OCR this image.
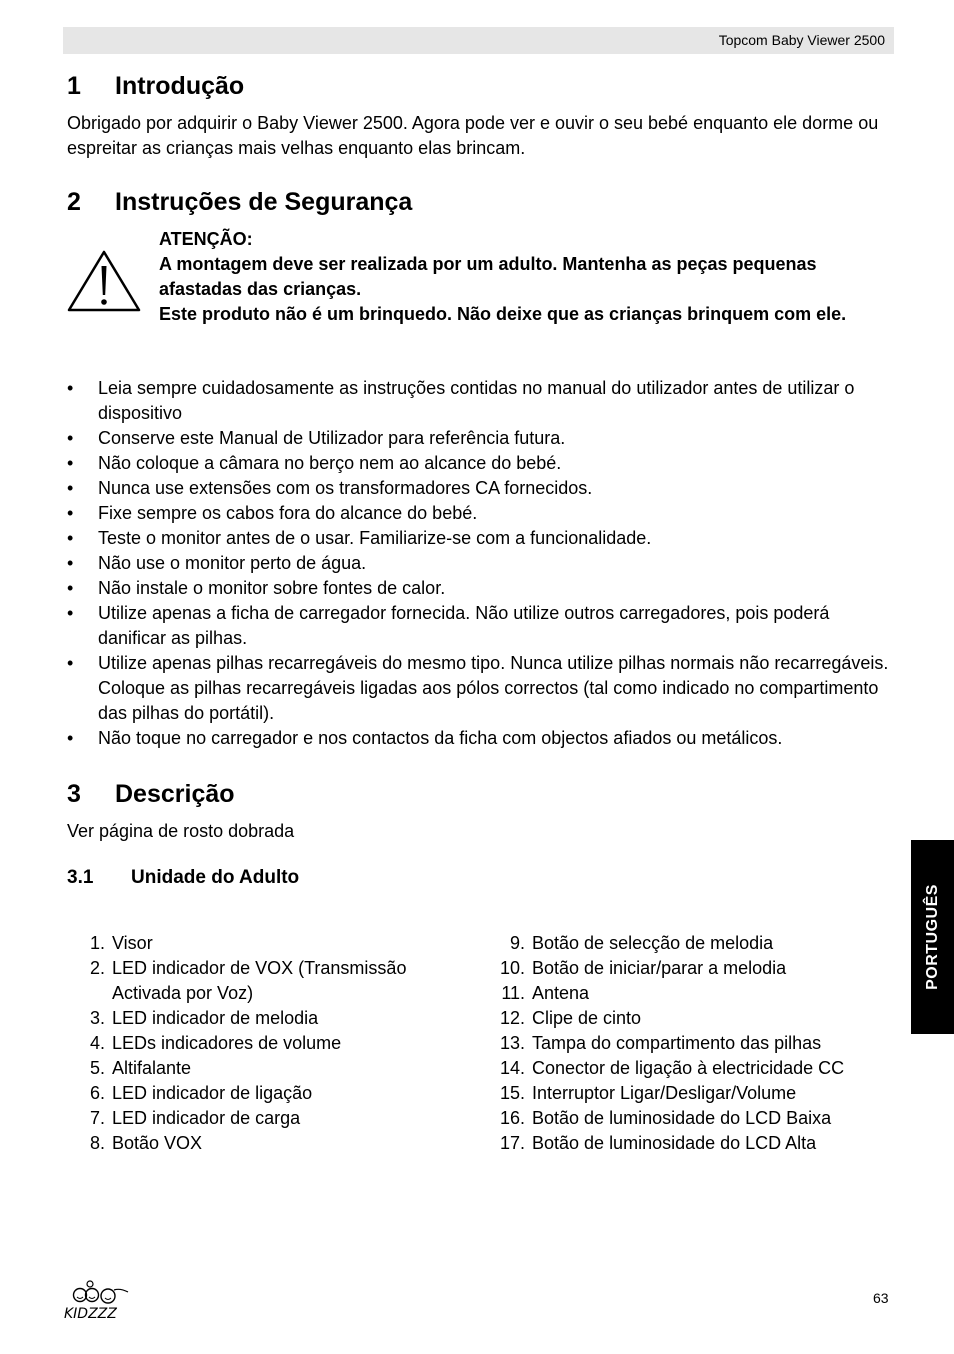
Topcom Baby Viewer 2500
1 Introdução

Obrigado por adquirir o Baby Viewer 2500. Agora pode ver e ouvir o seu bebé enquanto ele dorme ou espreitar as crianças mais velhas enquanto elas brincam.

2 Instruções de Segurança
ATENÇÃO:
A montagem deve ser realizada por um adulto. Mantenha as peças pequenas afastadas das crianças.
Este produto não é um brinquedo. Não deixe que as crianças brinquem com ele.
• Leia sempre cuidadosamente as instruções contidas no manual do utilizador antes de utilizar o dispositivo
• Conserve este Manual de Utilizador para referência futura.
• Não coloque a câmara no berço nem ao alcance do bebé.
• Nunca use extensões com os transformadores CA fornecidos.
• Fixe sempre os cabos fora do alcance do bebé.
• Teste o monitor antes de o usar. Familiarize-se com a funcionalidade.
• Não use o monitor perto de água.
• Não instale o monitor sobre fontes de calor.
• Utilize apenas a ficha de carregador fornecida. Não utilize outros carregadores, pois poderá danificar as pilhas.
• Utilize apenas pilhas recarregáveis do mesmo tipo. Nunca utilize pilhas normais não recarregáveis. Coloque as pilhas recarregáveis ligadas aos pólos correctos (tal como indicado no compartimento das pilhas do portátil).
• Não toque no carregador e nos contactos da ficha com objectos afiados ou metálicos.
3 Descrição

Ver página de rosto dobrada

3.1 Unidade do Adulto
1. Visor
2. LED indicador de VOX (Transmissão Activada por Voz)
3. LED indicador de melodia
4. LEDs indicadores de volume
5. Altifalante
6. LED indicador de ligação
7. LED indicador de carga
8. Botão VOX
9. Botão de selecção de melodia
10. Botão de iniciar/parar a melodia
11. Antena
12. Clipe de cinto
13. Tampa do compartimento das pilhas
14. Conector de ligação à electricidade CC
15. Interruptor Ligar/Desligar/Volume
16. Botão de luminosidade do LCD Baixa
17. Botão de luminosidade do LCD Alta
PORTUGUÊS
KIDZZZ
63
